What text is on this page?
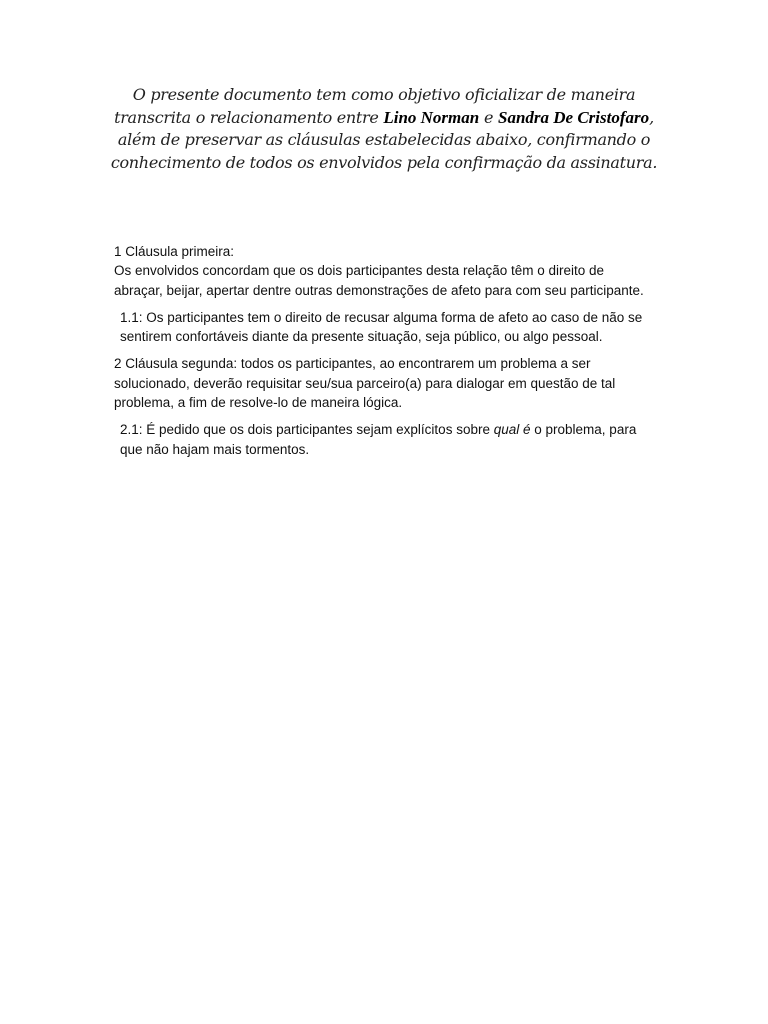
O presente documento tem como objetivo oficializar de maneira transcrita o relacionamento entre Lino Norman e Sandra De Cristofaro, além de preservar as cláusulas estabelecidas abaixo, confirmando o conhecimento de todos os envolvidos pela confirmação da assinatura.

1 Cláusula primeira:
Os envolvidos concordam que os dois participantes desta relação têm o direito de abraçar, beijar, apertar dentre outras demonstrações de afeto para com seu participante.

1.1: Os participantes tem o direito de recusar alguma forma de afeto ao caso de não se sentirem confortáveis diante da presente situação, seja público, ou algo pessoal.

2 Cláusula segunda: todos os participantes, ao encontrarem um problema a ser solucionado, deverão requisitar seu/sua parceiro(a) para dialogar em questão de tal problema, a fim de resolve-lo de maneira lógica.

2.1: É pedido que os dois participantes sejam explícitos sobre qual é o problema, para que não hajam mais tormentos.
